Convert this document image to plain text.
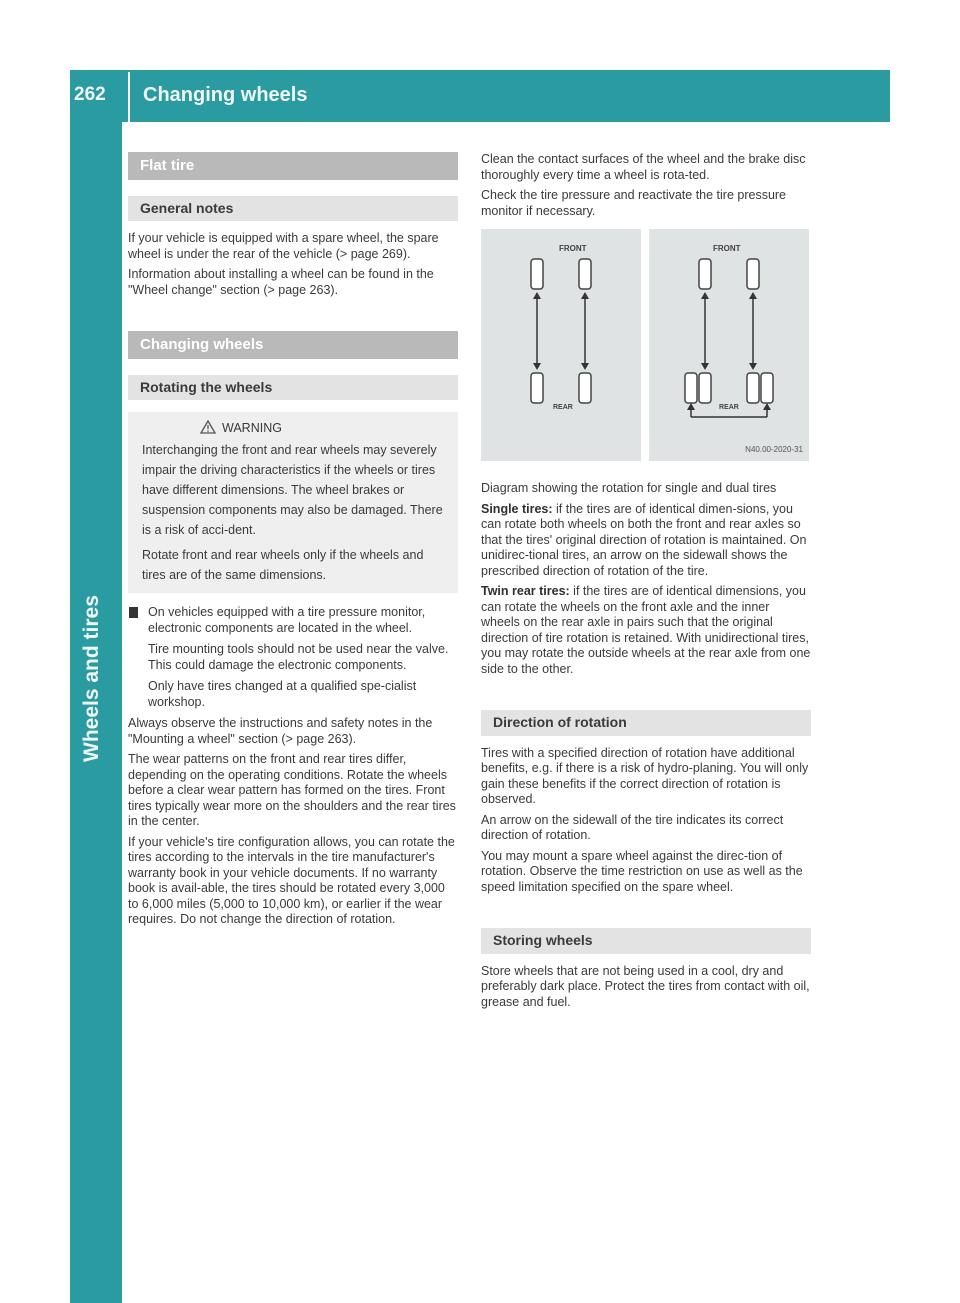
262 Changing wheels
Wheels and tires
Flat tire
General notes

If your vehicle is equipped with a spare wheel, the spare wheel is under the rear of the vehicle (> page 269).

Information about installing a wheel can be found in the "Wheel change" section (> page 263).

Changing wheels
Rotating the wheels
WARNING

Interchanging the front and rear wheels may severely impair the driving characteristics if the wheels or tires have different dimensions. The wheel brakes or suspension components may also be damaged. There is a risk of acci-dent.

Rotate front and rear wheels only if the wheels and tires are of the same dimensions.

On vehicles equipped with a tire pressure monitor, electronic components are located in the wheel.

Tire mounting tools should not be used near the valve. This could damage the electronic components.

Only have tires changed at a qualified spe-cialist workshop.

Always observe the instructions and safety notes in the "Mounting a wheel" section (> page 263).

The wear patterns on the front and rear tires differ, depending on the operating conditions. Rotate the wheels before a clear wear pattern has formed on the tires. Front tires typically wear more on the shoulders and the rear tires in the center.

If your vehicle's tire configuration allows, you can rotate the tires according to the intervals in the tire manufacturer's warranty book in your vehicle documents. If no warranty book is avail-able, the tires should be rotated every 3,000 to 6,000 miles (5,000 to 10,000 km), or earlier if the wear requires. Do not change the direction of rotation.

Clean the contact surfaces of the wheel and the brake disc thoroughly every time a wheel is rota-ted.

Check the tire pressure and reactivate the tire pressure monitor if necessary.

FRONT
REAR
FRONT
REAR
N40.00-2020-31

Diagram showing the rotation for single and dual tires

Single tires: if the tires are of identical dimen-sions, you can rotate both wheels on both the front and rear axles so that the tires' original direction of rotation is maintained. On unidirec-tional tires, an arrow on the sidewall shows the prescribed direction of rotation of the tire.

Twin rear tires: if the tires are of identical dimensions, you can rotate the wheels on the front axle and the inner wheels on the rear axle in pairs such that the original direction of tire rotation is retained. With unidirectional tires, you may rotate the outside wheels at the rear axle from one side to the other.

Direction of rotation

Tires with a specified direction of rotation have additional benefits, e.g. if there is a risk of hydro-planing. You will only gain these benefits if the correct direction of rotation is observed.

An arrow on the sidewall of the tire indicates its correct direction of rotation.

You may mount a spare wheel against the direc-tion of rotation. Observe the time restriction on use as well as the speed limitation specified on the spare wheel.

Storing wheels

Store wheels that are not being used in a cool, dry and preferably dark place. Protect the tires from contact with oil, grease and fuel.
